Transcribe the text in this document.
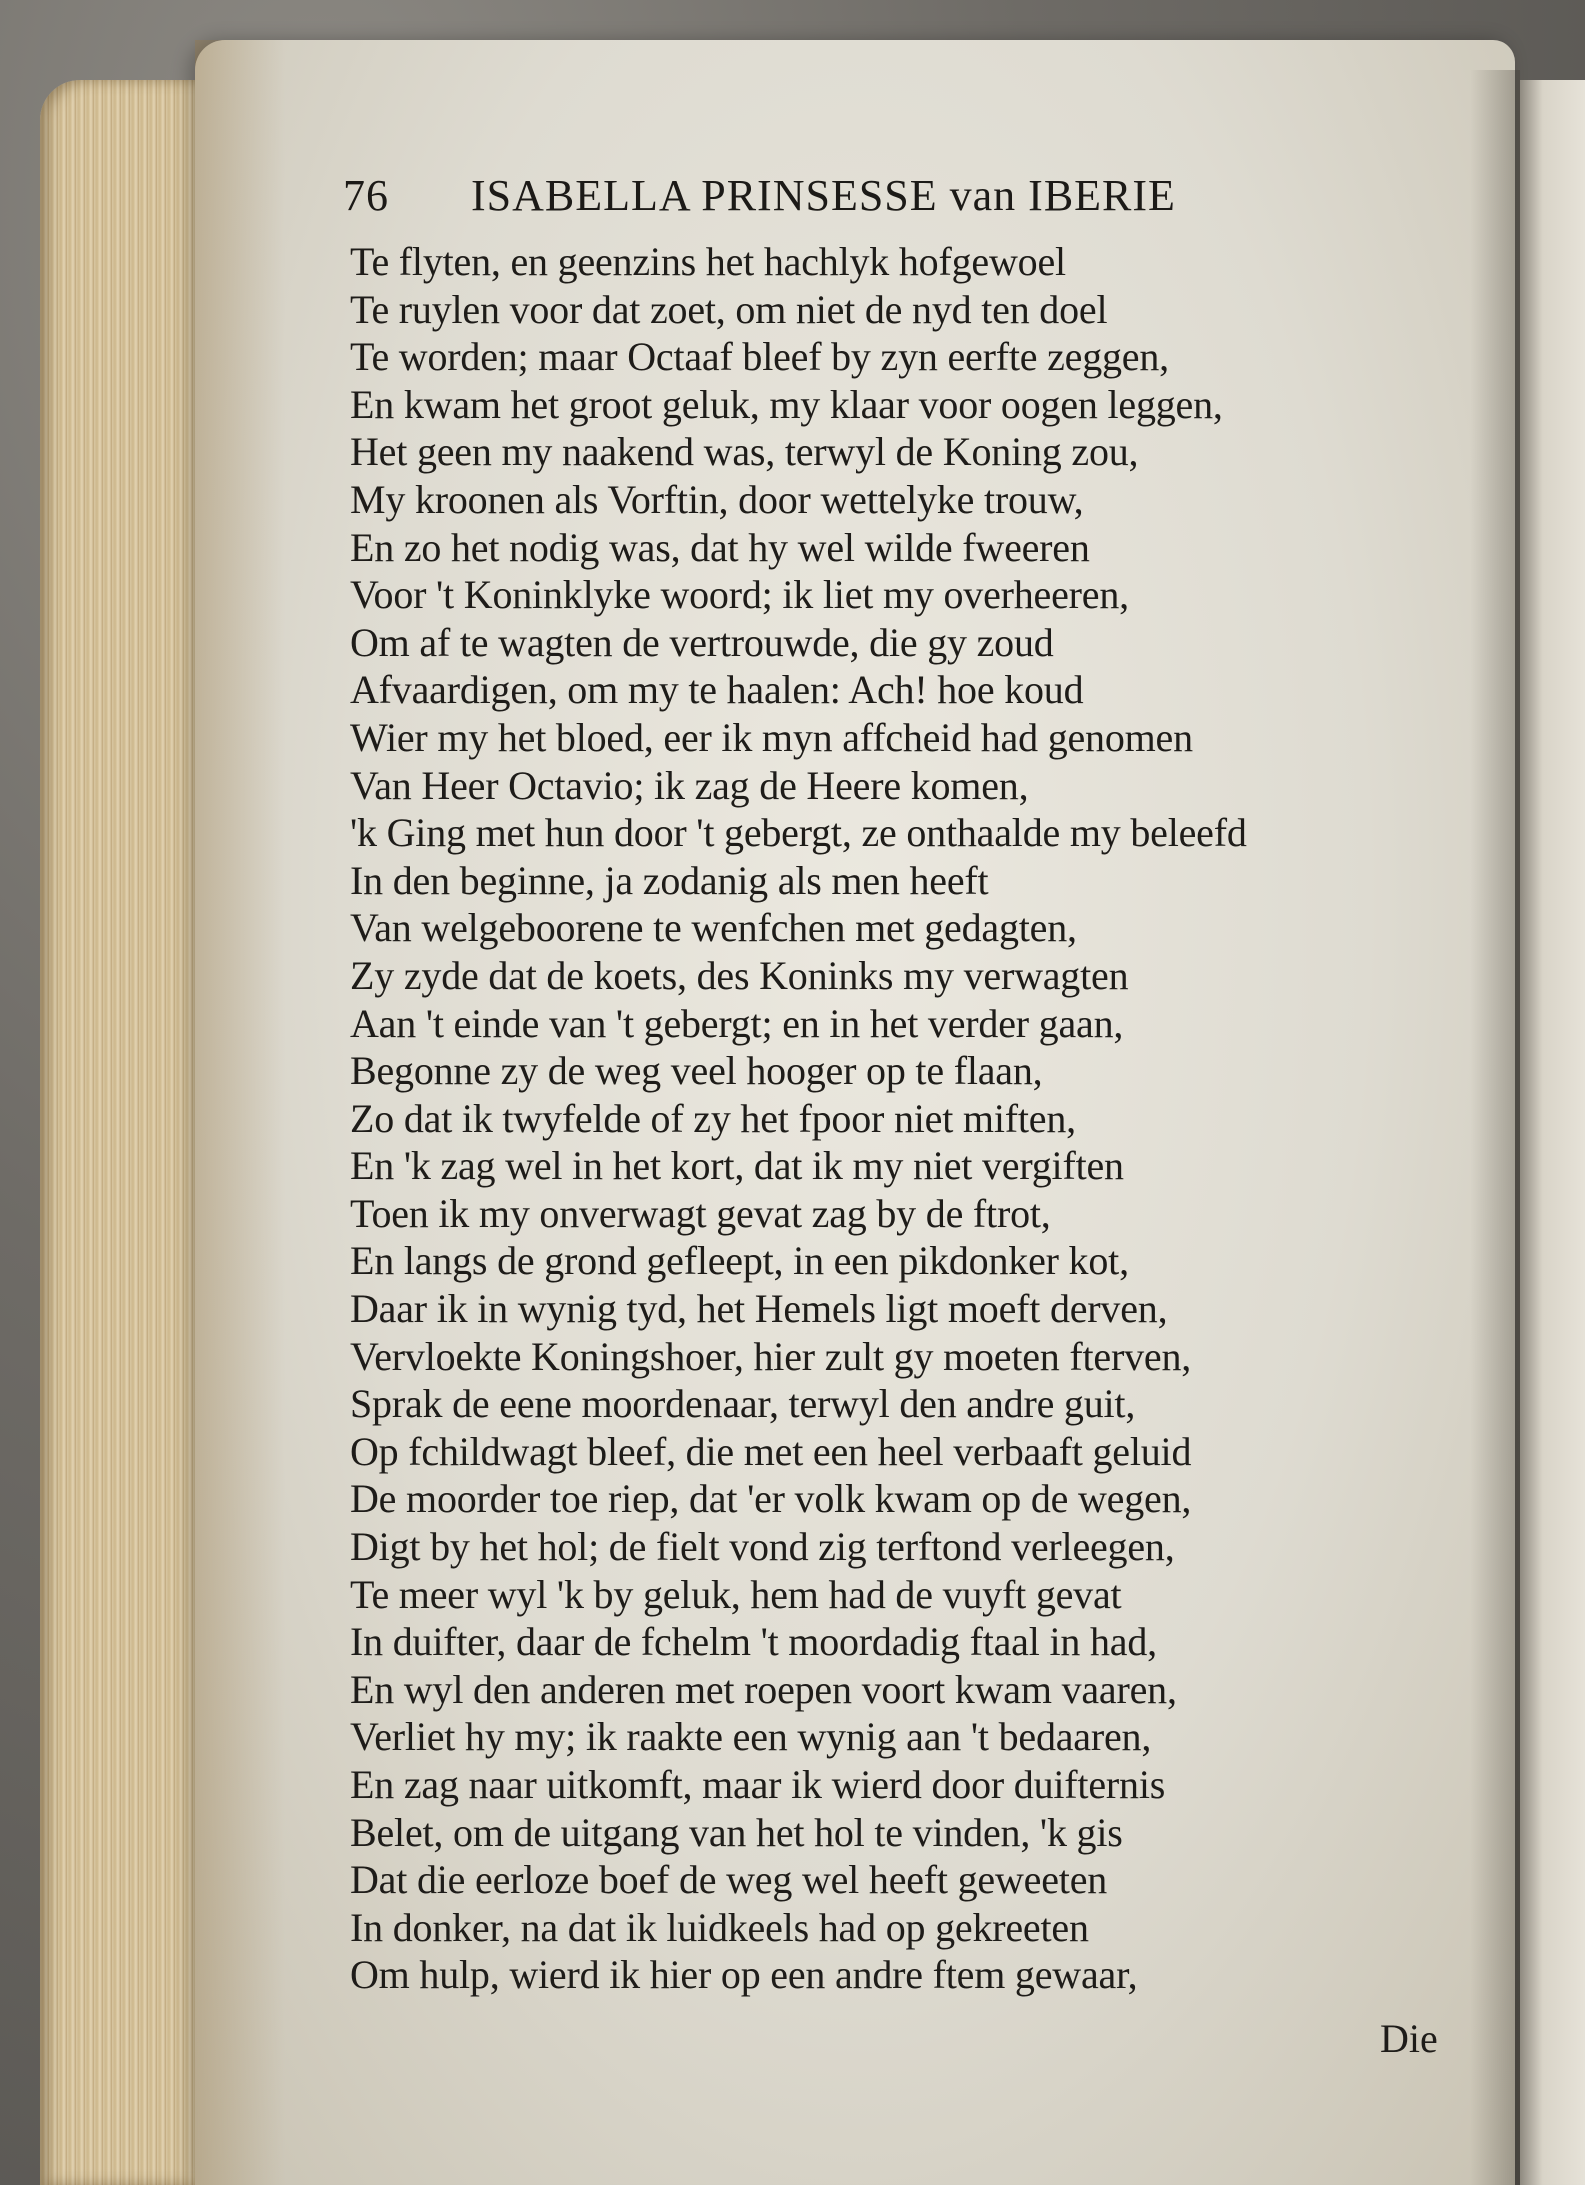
76 ISABELLA PRINSESSE van IBERIE
Te flyten, en geenzins het hachlyk hofgewoel
Te ruylen voor dat zoet, om niet de nyd ten doel
Te worden; maar Octaaf bleef by zyn eerfte zeggen,
En kwam het groot geluk, my klaar voor oogen leggen,
Het geen my naakend was, terwyl de Koning zou,
My kroonen als Vorftin, door wettelyke trouw,
En zo het nodig was, dat hy wel wilde fweeren
Voor 't Koninklyke woord; ik liet my overheeren,
Om af te wagten de vertrouwde, die gy zoud
Afvaardigen, om my te haalen: Ach! hoe koud
Wier my het bloed, eer ik myn affcheid had genomen
Van Heer Octavio; ik zag de Heere komen,
'k Ging met hun door 't gebergt, ze onthaalde my beleefd
In den beginne, ja zodanig als men heeft
Van welgeboorene te wenfchen met gedagten,
Zy zyde dat de koets, des Koninks my verwagten
Aan 't einde van 't gebergt; en in het verder gaan,
Begonne zy de weg veel hooger op te flaan,
Zo dat ik twyfelde of zy het fpoor niet miften,
En 'k zag wel in het kort, dat ik my niet vergiften
Toen ik my onverwagt gevat zag by de ftrot,
En langs de grond gefleept, in een pikdonker kot,
Daar ik in wynig tyd, het Hemels ligt moeft derven,
Vervloekte Koningshoer, hier zult gy moeten fterven,
Sprak de eene moordenaar, terwyl den andre guit,
Op fchildwagt bleef, die met een heel verbaaft geluid
De moorder toe riep, dat 'er volk kwam op de wegen,
Digt by het hol; de fielt vond zig terftond verleegen,
Te meer wyl 'k by geluk, hem had de vuyft gevat
In duifter, daar de fchelm 't moordadig ftaal in had,
En wyl den anderen met roepen voort kwam vaaren,
Verliet hy my; ik raakte een wynig aan 't bedaaren,
En zag naar uitkomft, maar ik wierd door duifternis
Belet, om de uitgang van het hol te vinden, 'k gis
Dat die eerloze boef de weg wel heeft geweeten
In donker, na dat ik luidkeels had op gekreeten
Om hulp, wierd ik hier op een andre ftem gewaar,
Die
